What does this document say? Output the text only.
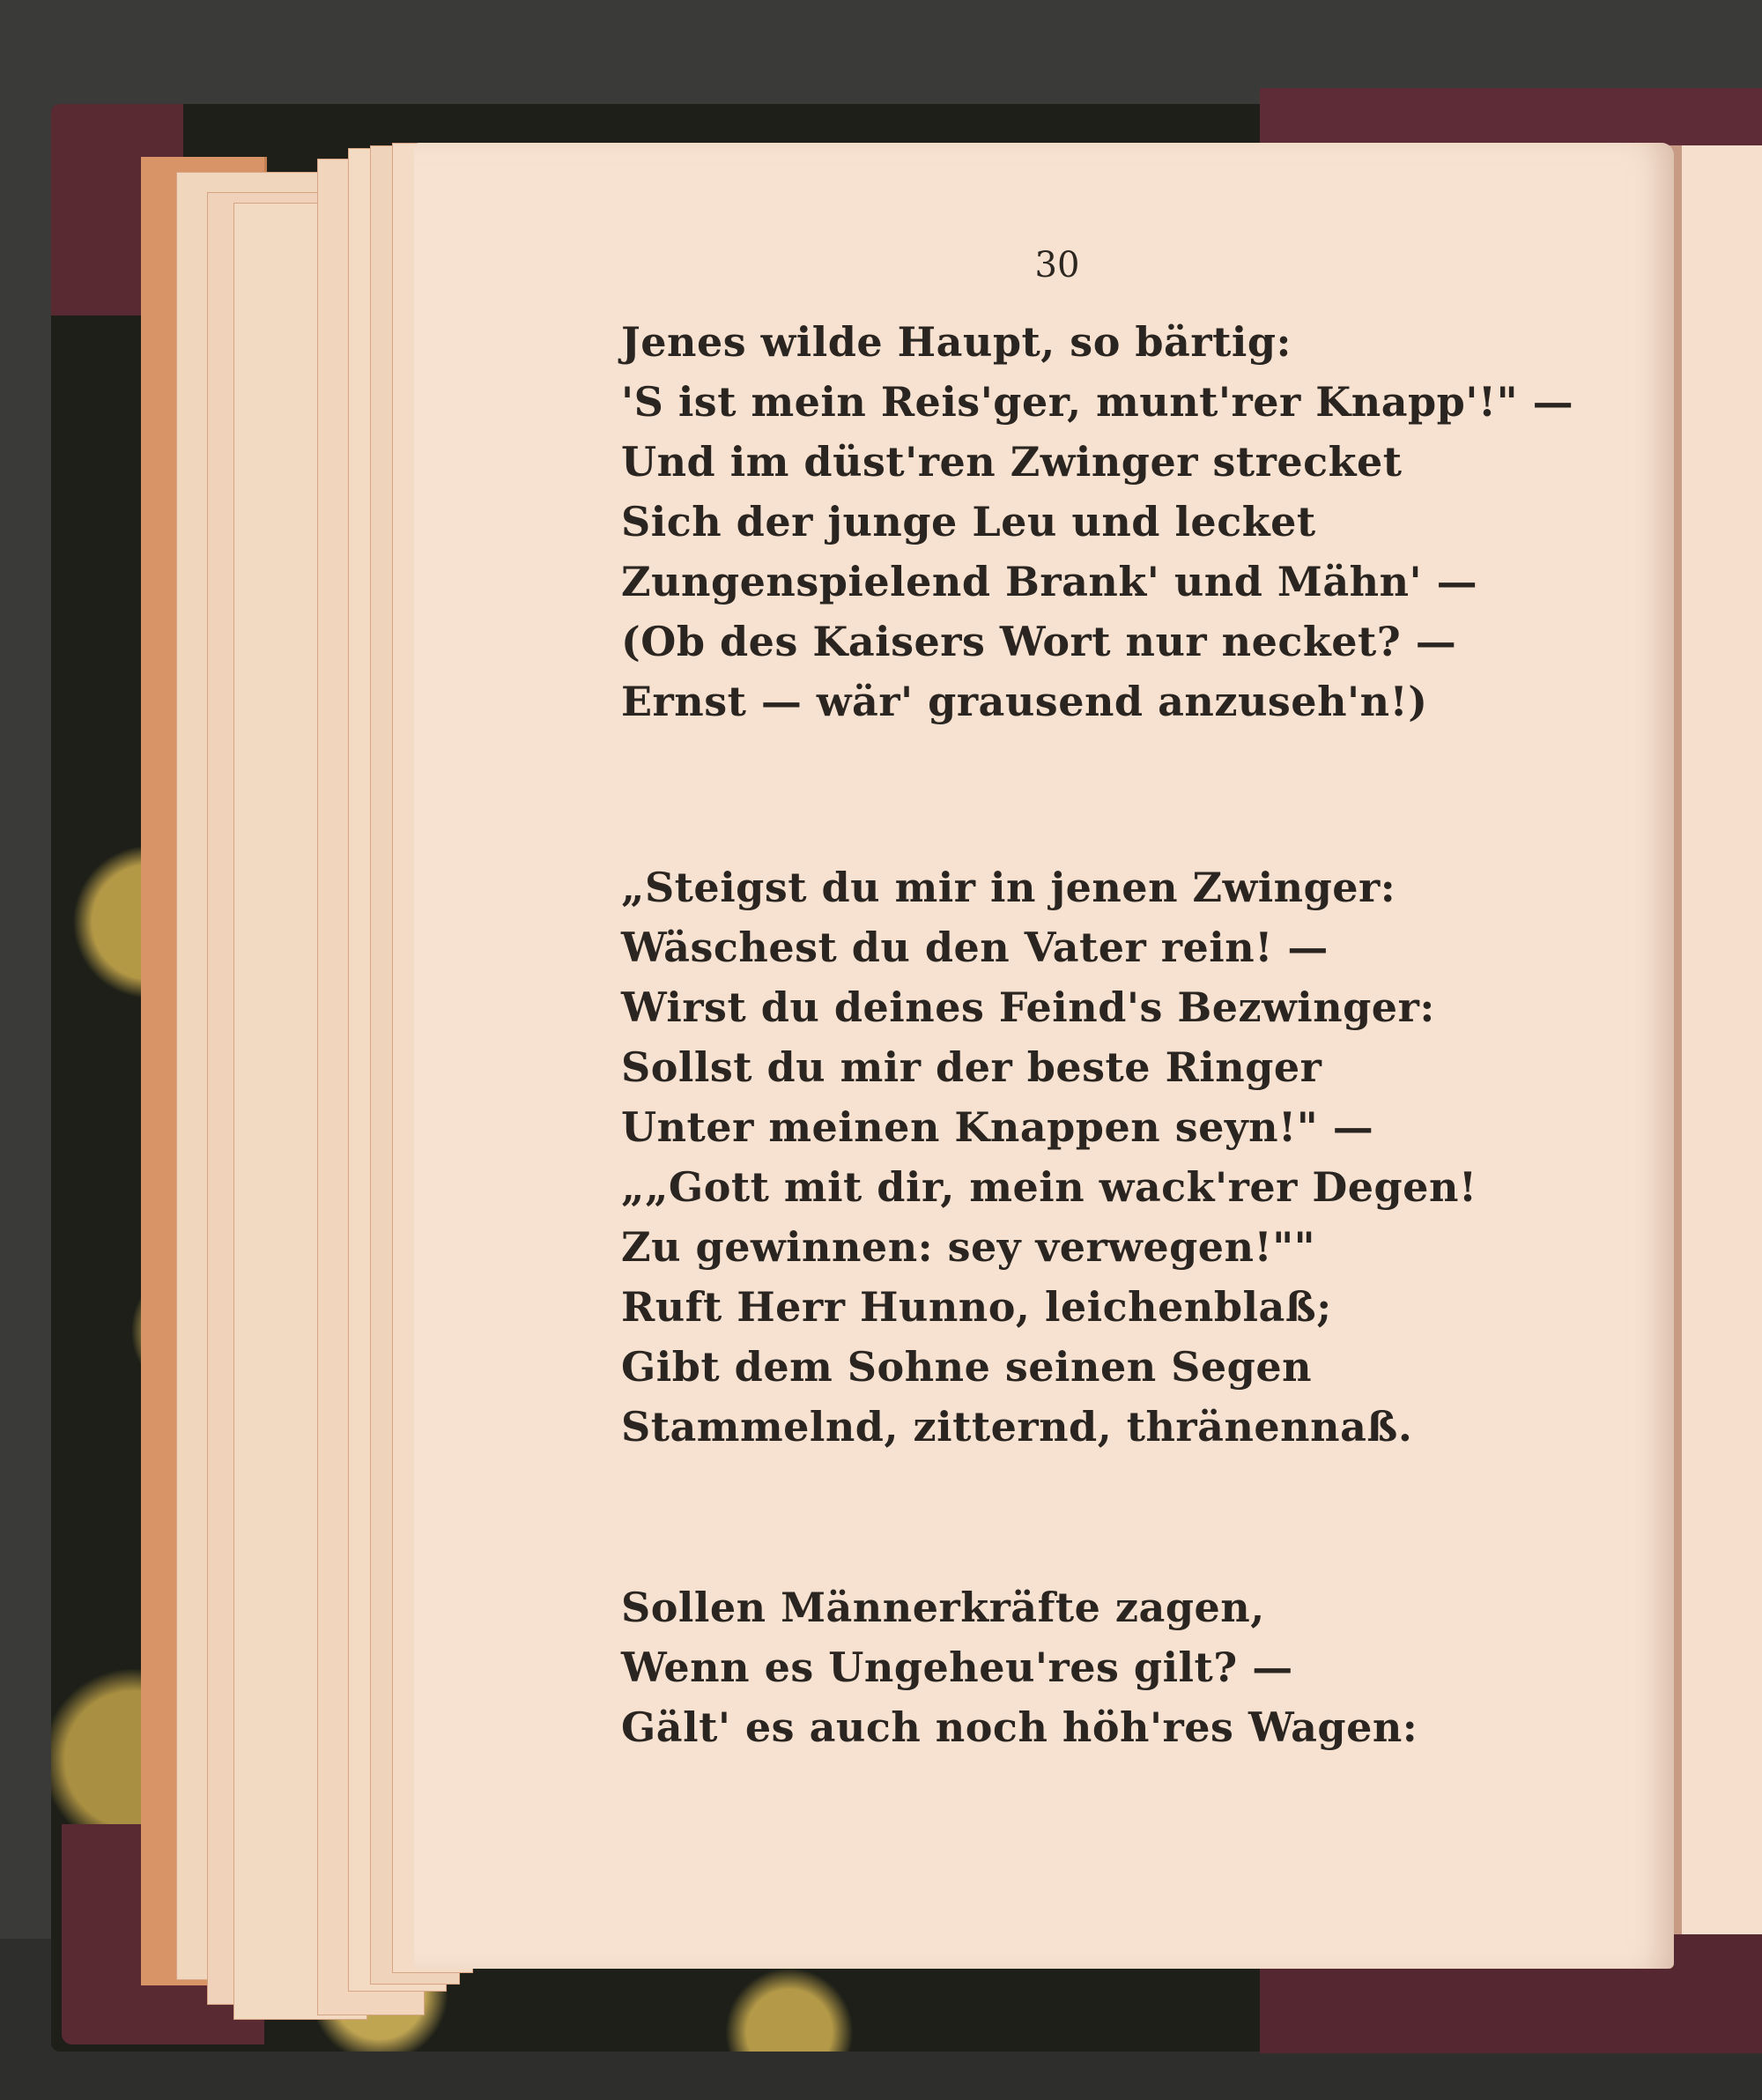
30
Jenes wilde Haupt, so bärtig:
'S ist mein Reis'ger, munt'rer Knapp'!" —
Und im düst'ren Zwinger strecket
Sich der junge Leu und lecket
Zungenspielend Brank' und Mähn' —
(Ob des Kaisers Wort nur necket? —
Ernst — wär' grausend anzuseh'n!)
„Steigst du mir in jenen Zwinger:
Wäschest du den Vater rein! —
Wirst du deines Feind's Bezwinger:
Sollst du mir der beste Ringer
Unter meinen Knappen seyn!" —
„„Gott mit dir, mein wack'rer Degen!
Zu gewinnen: sey verwegen!""
Ruft Herr Hunno, leichenblaß;
Gibt dem Sohne seinen Segen
Stammelnd, zitternd, thränennaß.
Sollen Männerkräfte zagen,
Wenn es Ungeheu'res gilt? —
Gält' es auch noch höh'res Wagen:
